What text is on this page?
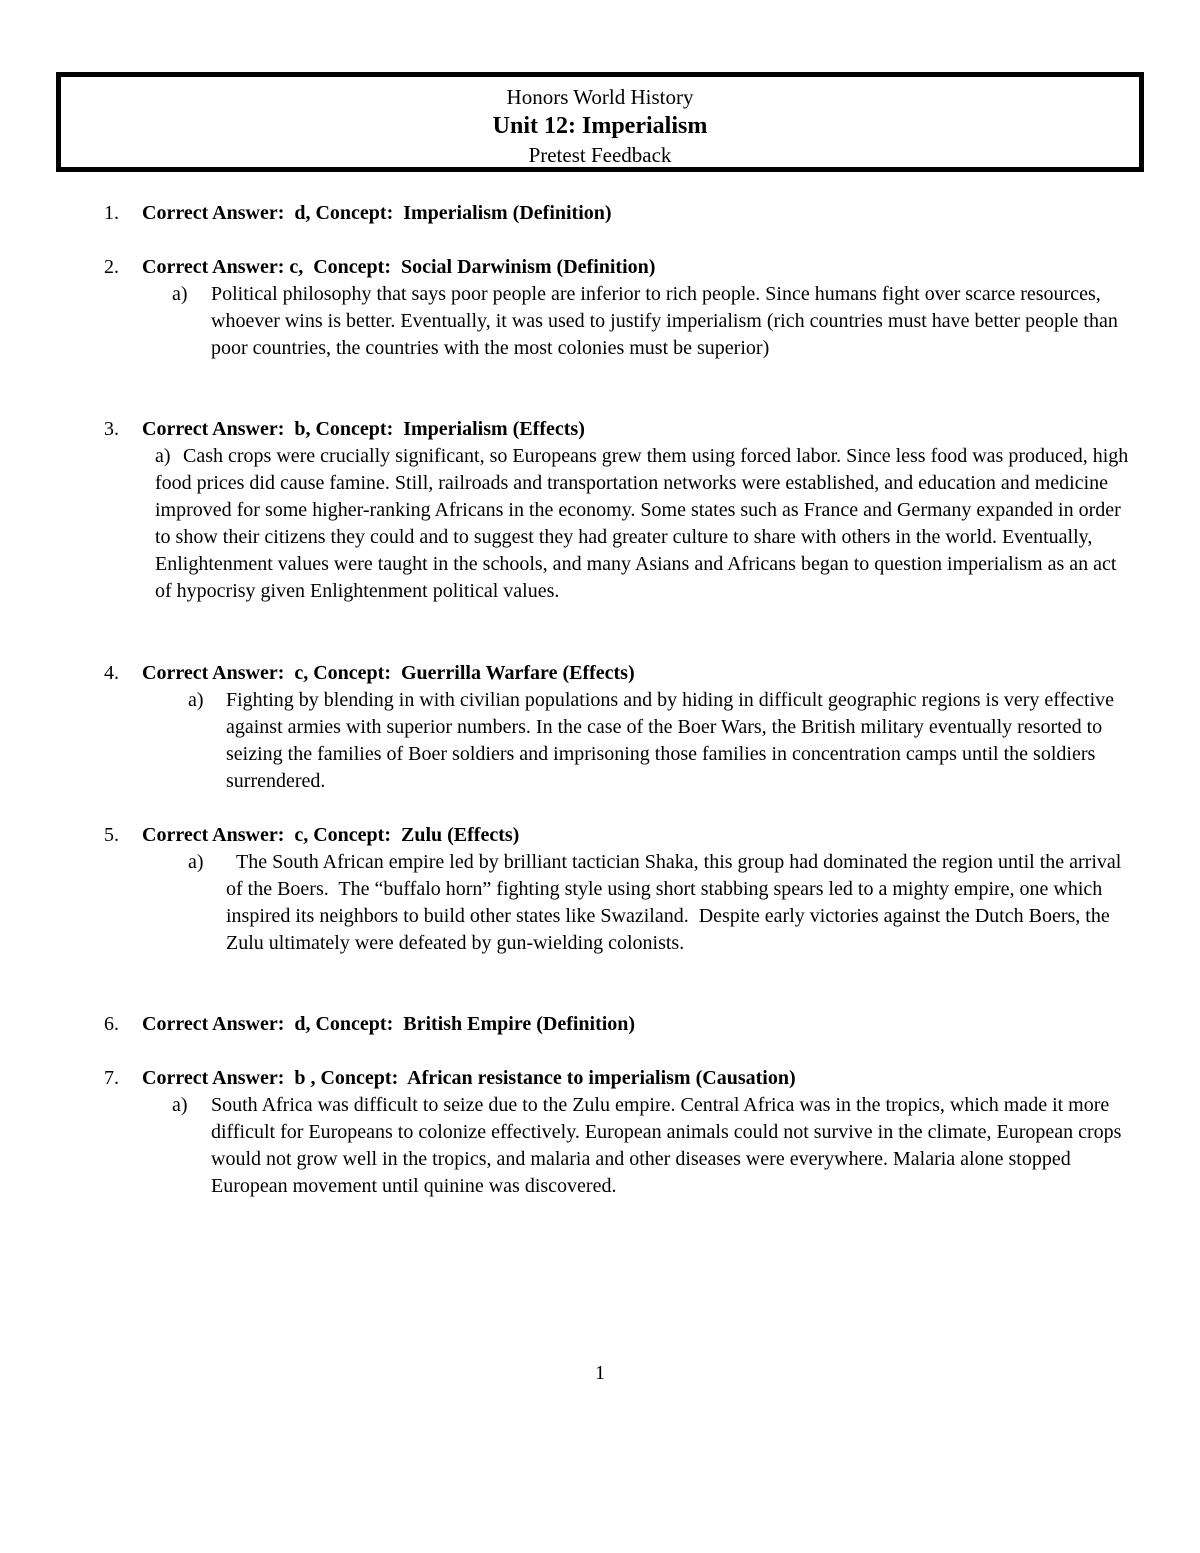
Honors World History
Unit 12: Imperialism
Pretest Feedback
1. Correct Answer:  d, Concept:  Imperialism (Definition)
2. Correct Answer: c,  Concept:  Social Darwinism (Definition)
a) Political philosophy that says poor people are inferior to rich people. Since humans fight over scarce resources, whoever wins is better. Eventually, it was used to justify imperialism (rich countries must have better people than poor countries, the countries with the most colonies must be superior)
3. Correct Answer:  b, Concept:  Imperialism (Effects)
a) Cash crops were crucially significant, so Europeans grew them using forced labor. Since less food was produced, high food prices did cause famine. Still, railroads and transportation networks were established, and education and medicine improved for some higher-ranking Africans in the economy. Some states such as France and Germany expanded in order to show their citizens they could and to suggest they had greater culture to share with others in the world. Eventually, Enlightenment values were taught in the schools, and many Asians and Africans began to question imperialism as an act of hypocrisy given Enlightenment political values.
4. Correct Answer:  c, Concept:  Guerrilla Warfare (Effects)
a) Fighting by blending in with civilian populations and by hiding in difficult geographic regions is very effective against armies with superior numbers. In the case of the Boer Wars, the British military eventually resorted to seizing the families of Boer soldiers and imprisoning those families in concentration camps until the soldiers surrendered.
5. Correct Answer:  c, Concept:  Zulu (Effects)
a) The South African empire led by brilliant tactician Shaka, this group had dominated the region until the arrival of the Boers.  The “buffalo horn” fighting style using short stabbing spears led to a mighty empire, one which inspired its neighbors to build other states like Swaziland.  Despite early victories against the Dutch Boers, the Zulu ultimately were defeated by gun-wielding colonists.
6. Correct Answer:  d, Concept:  British Empire (Definition)
7. Correct Answer:  b , Concept:  African resistance to imperialism (Causation)
a) South Africa was difficult to seize due to the Zulu empire. Central Africa was in the tropics, which made it more difficult for Europeans to colonize effectively. European animals could not survive in the climate, European crops would not grow well in the tropics, and malaria and other diseases were everywhere. Malaria alone stopped European movement until quinine was discovered.
1
